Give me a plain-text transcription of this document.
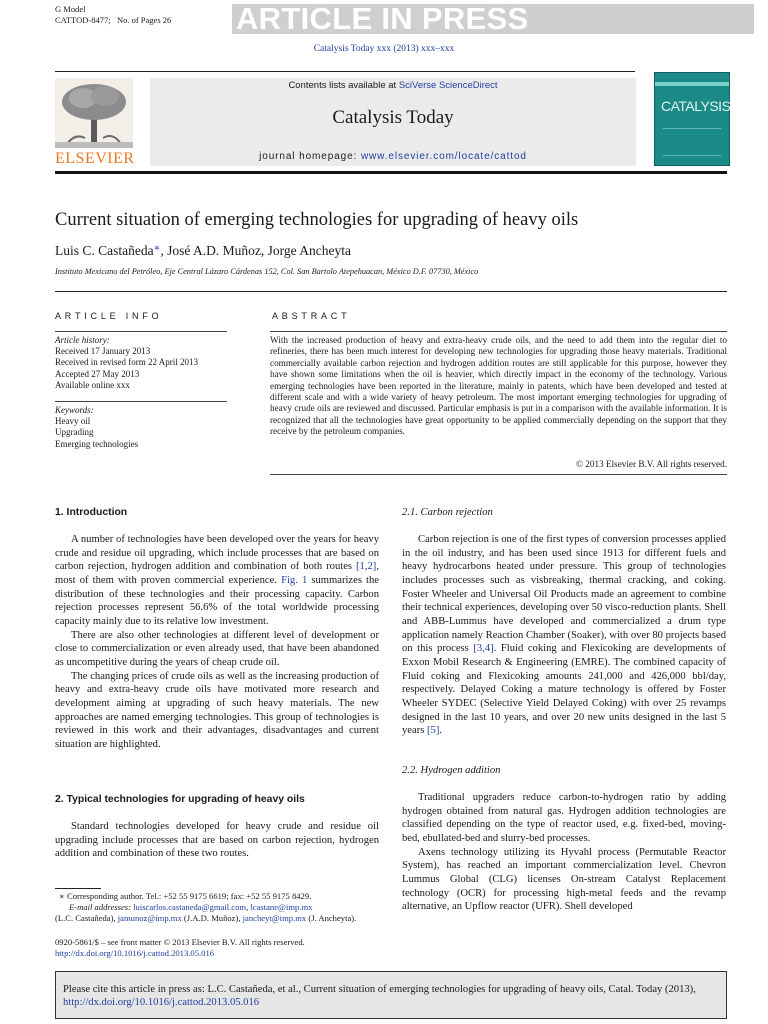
G Model
CATTOD-8477; No. of Pages 26 ARTICLE IN PRESS
Catalysis Today xxx (2013) xxx–xxx
ELSEVIER
Contents lists available at SciVerse ScienceDirect
Catalysis Today
journal homepage: www.elsevier.com/locate/cattod
CATALYSIS
Current situation of emerging technologies for upgrading of heavy oils
Luis C. Castañeda∗, José A.D. Muñoz, Jorge Ancheyta
Instituto Mexicano del Petróleo, Eje Central Lázaro Cárdenas 152, Col. San Bartolo Atepehuacan, México D.F. 07730, México
ARTICLE INFO	ABSTRACT
Article history:
Received 17 January 2013
Received in revised form 22 April 2013
Accepted 27 May 2013
Available online xxx
Keywords:
Heavy oil
Upgrading
Emerging technologies
With the increased production of heavy and extra-heavy crude oils, and the need to add them into the regular diet to refineries, there has been much interest for developing new technologies for upgrading those heavy materials. Traditional commercially available carbon rejection and hydrogen addition routes are still applicable for this purpose, however they have shown some limitations when the oil is heavier, which directly impact in the economy of the technology. Various emerging technologies have been reported in the literature, mainly in patents, which have been developed and tested at different scale and with a wide variety of heavy petroleum. The most important emerging technologies for upgrading of heavy crude oils are reviewed and discussed. Particular emphasis is put in a comparison with the available information. It is recognized that all the technologies have great opportunity to be applied commercially depending on the support that they receive by the petroleum companies.
© 2013 Elsevier B.V. All rights reserved.
1. Introduction

A number of technologies have been developed over the years for heavy crude and residue oil upgrading, which include processes that are based on carbon rejection, hydrogen addition and combination of both routes [1,2], most of them with proven commercial experience. Fig. 1 summarizes the distribution of these technologies and their processing capacity. Carbon rejection processes represent 56.6% of the total worldwide processing capacity mainly due to its relative low investment.

There are also other technologies at different level of development or close to commercialization or even already used, that have been abandoned as uncompetitive during the years of cheap crude oil.

The changing prices of crude oils as well as the increasing production of heavy and extra-heavy crude oils have motivated more research and development aiming at upgrading of such heavy materials. The new approaches are named emerging technologies. This group of technologies is reviewed in this work and their advantages, disadvantages and current situation are highlighted.

2. Typical technologies for upgrading of heavy oils

Standard technologies developed for heavy crude and residue oil upgrading include processes that are based on carbon rejection, hydrogen addition and combination of these two routes.

∗ Corresponding author. Tel.: +52 55 9175 6619; fax: +52 55 9175 8429.
E-mail addresses: luiscarlos.castaneda@gmail.com, lcastane@imp.mx
(L.C. Castañeda), jamunoz@imp.mx (J.A.D. Muñoz), jancheyt@imp.mx (J. Ancheyta).
0920-5861/$ – see front matter © 2013 Elsevier B.V. All rights reserved.
http://dx.doi.org/10.1016/j.cattod.2013.05.016
2.1. Carbon rejection

Carbon rejection is one of the first types of conversion processes applied in the oil industry, and has been used since 1913 for different fuels and heavy hydrocarbons heated under pressure. This group of technologies includes processes such as visbreaking, thermal cracking, and coking. Foster Wheeler and Universal Oil Products made an agreement to combine their technical experiences, developing over 50 visco-reduction plants. Shell and ABB-Lummus have developed and commercialized a drum type application namely Reaction Chamber (Soaker), with over 80 projects based on this process [3,4]. Fluid coking and Flexicoking are developments of Exxon Mobil Research & Engineering (EMRE). The combined capacity of Fluid coking and Flexicoking amounts 241,000 and 426,000 bbl/day, respectively. Delayed Coking a mature technology is offered by Foster Wheeler SYDEC (Selective Yield Delayed Coking) with over 25 revamps designed in the last 10 years, and over 20 new units designed in the last 5 years [5].

2.2. Hydrogen addition

Traditional upgraders reduce carbon-to-hydrogen ratio by adding hydrogen obtained from natural gas. Hydrogen addition technologies are classified depending on the type of reactor used, e.g. fixed-bed, moving-bed, ebullated-bed and slurry-bed processes.

Axens technology utilizing its Hyvahl process (Permutable Reactor System), has reached an important commercialization level. Chevron Lummus Global (CLG) licenses On-stream Catalyst Replacement technology (OCR) for processing high-metal feeds and the revamp alternative, an Upflow reactor (UFR). Shell developed

Please cite this article in press as: L.C. Castañeda, et al., Current situation of emerging technologies for upgrading of heavy oils, Catal. Today (2013), http://dx.doi.org/10.1016/j.cattod.2013.05.016
